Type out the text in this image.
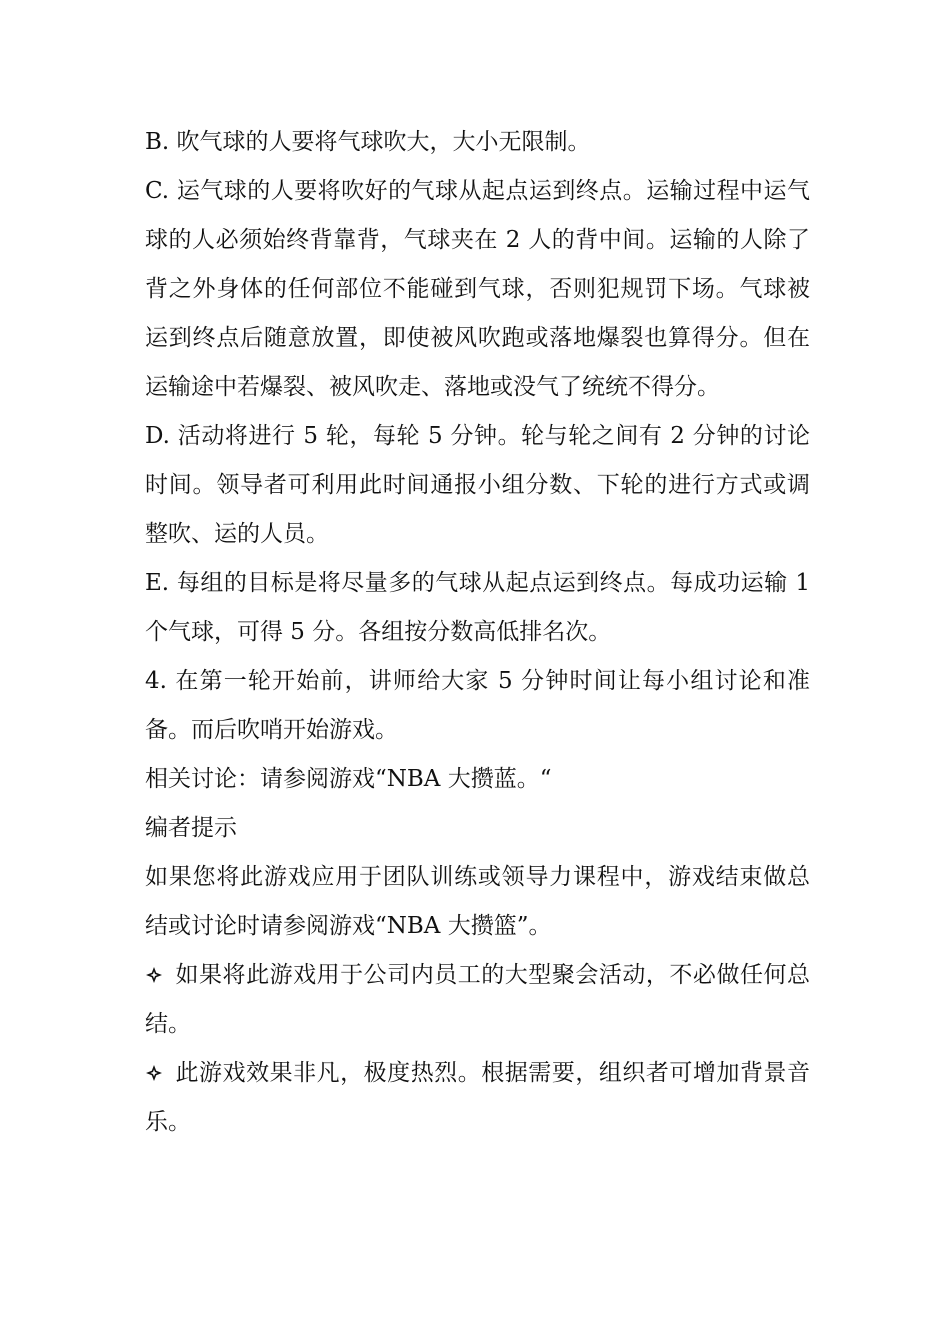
B. 吹气球的人要将气球吹大，大小无限制。

C. 运气球的人要将吹好的气球从起点运到终点。运输过程中运气球的人必须始终背靠背，气球夹在 2 人的背中间。运输的人除了背之外身体的任何部位不能碰到气球，否则犯规罚下场。气球被运到终点后随意放置，即使被风吹跑或落地爆裂也算得分。但在运输途中若爆裂、被风吹走、落地或没气了统统不得分。

D. 活动将进行 5 轮，每轮 5 分钟。轮与轮之间有 2 分钟的讨论时间。领导者可利用此时间通报小组分数、下轮的进行方式或调整吹、运的人员。

E. 每组的目标是将尽量多的气球从起点运到终点。每成功运输 1 个气球，可得 5 分。各组按分数高低排名次。

4. 在第一轮开始前，讲师给大家 5 分钟时间让每小组讨论和准备。而后吹哨开始游戏。

相关讨论：请参阅游戏“NBA 大攒蓝。“

编者提示

如果您将此游戏应用于团队训练或领导力课程中，游戏结束做总结或讨论时请参阅游戏“NBA 大攒篮”。

如果将此游戏用于公司内员工的大型聚会活动，不必做任何总结。

此游戏效果非凡，极度热烈。根据需要，组织者可增加背景音乐。
